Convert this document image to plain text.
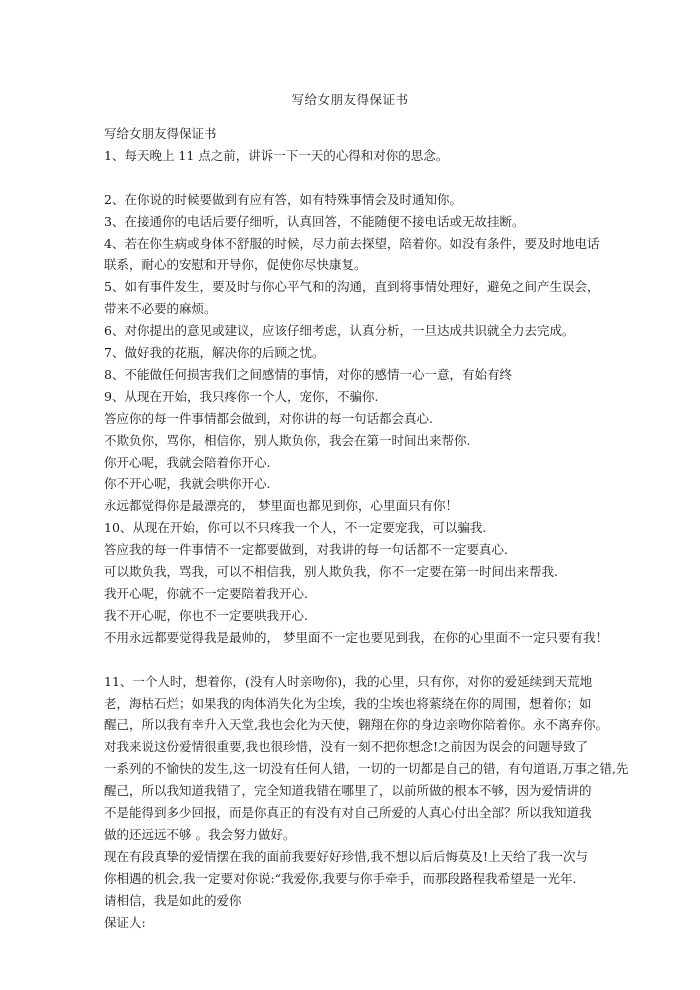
写给女朋友得保证书

写给女朋友得保证书

1、每天晚上 11 点之前，讲诉一下一天的心得和对你的思念。

2、在你说的时候要做到有应有答，如有特殊事情会及时通知你。

3、在接通你的电话后要仔细听，认真回答，不能随便不接电话或无故挂断。

4、若在你生病或身体不舒服的时候，尽力前去探望，陪着你。如没有条件，要及时地电话

联系，耐心的安慰和开导你，促使你尽快康复。

5、如有事件发生，要及时与你心平气和的沟通，直到将事情处理好，避免之间产生误会，

带来不必要的麻烦。

6、对你提出的意见或建议，应该仔细考虑，认真分析，一旦达成共识就全力去完成。

7、做好我的花瓶，解决你的后顾之忧。

8、不能做任何损害我们之间感情的事情，对你的感情一心一意，有始有终

9、从现在开始，我只疼你一个人，宠你，不骗你.

答应你的每一件事情都会做到，对你讲的每一句话都会真心.

不欺负你，骂你，相信你，别人欺负你，我会在第一时间出来帮你.

你开心呢，我就会陪着你开心.

你不开心呢，我就会哄你开心.

永远都觉得你是最漂亮的， 梦里面也都见到你，心里面只有你！

10、从现在开始，你可以不只疼我一个人，不一定要宠我，可以骗我.

答应我的每一件事情不一定都要做到，对我讲的每一句话都不一定要真心.

可以欺负我，骂我，可以不相信我，别人欺负我，你不一定要在第一时间出来帮我.

我开心呢，你就不一定要陪着我开心.

我不开心呢，你也不一定要哄我开心.

不用永远都要觉得我是最帅的， 梦里面不一定也要见到我，在你的心里面不一定只要有我！

11、一个人时，想着你，(没有人时亲吻你)，我的心里，只有你，对你的爱延续到天荒地

老，海枯石烂；如果我的肉体消失化为尘埃，我的尘埃也将萦绕在你的周围，想着你；如

醒己，所以我有幸升入天堂,我也会化为天使，翱翔在你的身边亲吻你陪着你。永不离弃你。

对我来说这份爱情很重要,我也很珍惜，没有一刻不把你想念!之前因为误会的问题导致了

一系列的不愉快的发生,这一切没有任何人错，一切的一切都是自己的错，有句道语,万事之错,先

醒己，所以我知道我错了，完全知道我错在哪里了，以前所做的根本不够，因为爱情讲的

不是能得到多少回报，而是你真正的有没有对自己所爱的人真心付出全部？所以我知道我

做的还远远不够 。我会努力做好。

现在有段真挚的爱情摆在我的面前我要好好珍惜,我不想以后后悔莫及!上天给了我一次与

你相遇的机会,我一定要对你说:“我爱你,我要与你手牵手，而那段路程我希望是一光年.

请相信，我是如此的爱你

保证人:
